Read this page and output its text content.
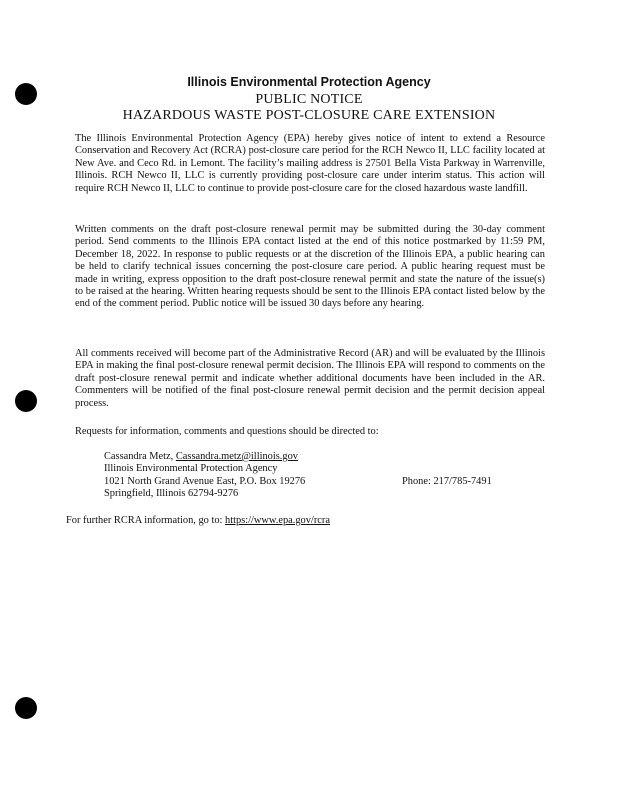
Illinois Environmental Protection Agency
PUBLIC NOTICE
HAZARDOUS WASTE POST-CLOSURE CARE EXTENSION

The Illinois Environmental Protection Agency (EPA) hereby gives notice of intent to extend a Resource Conservation and Recovery Act (RCRA) post-closure care period for the RCH Newco II, LLC facility located at New Ave. and Ceco Rd. in Lemont. The facility’s mailing address is 27501 Bella Vista Parkway in Warrenville, Illinois. RCH Newco II, LLC is currently providing post-closure care under interim status. This action will require RCH Newco II, LLC to continue to provide post-closure care for the closed hazardous waste landfill.

Written comments on the draft post-closure renewal permit may be submitted during the 30-day comment period. Send comments to the Illinois EPA contact listed at the end of this notice postmarked by 11:59 PM, December 18, 2022. In response to public requests or at the discretion of the Illinois EPA, a public hearing can be held to clarify technical issues concerning the post-closure care period. A public hearing request must be made in writing, express opposition to the draft post-closure renewal permit and state the nature of the issue(s) to be raised at the hearing. Written hearing requests should be sent to the Illinois EPA contact listed below by the end of the comment period. Public notice will be issued 30 days before any hearing.

All comments received will become part of the Administrative Record (AR) and will be evaluated by the Illinois EPA in making the final post-closure renewal permit decision. The Illinois EPA will respond to comments on the draft post-closure renewal permit and indicate whether additional documents have been included in the AR. Commenters will be notified of the final post-closure renewal permit decision and the permit decision appeal process.

Requests for information, comments and questions should be directed to:

Cassandra Metz, Cassandra.metz@illinois.gov
Illinois Environmental Protection Agency
1021 North Grand Avenue East, P.O. Box 19276
Springfield, Illinois 62794-9276
Phone: 217/785-7491
For further RCRA information, go to: https://www.epa.gov/rcra
